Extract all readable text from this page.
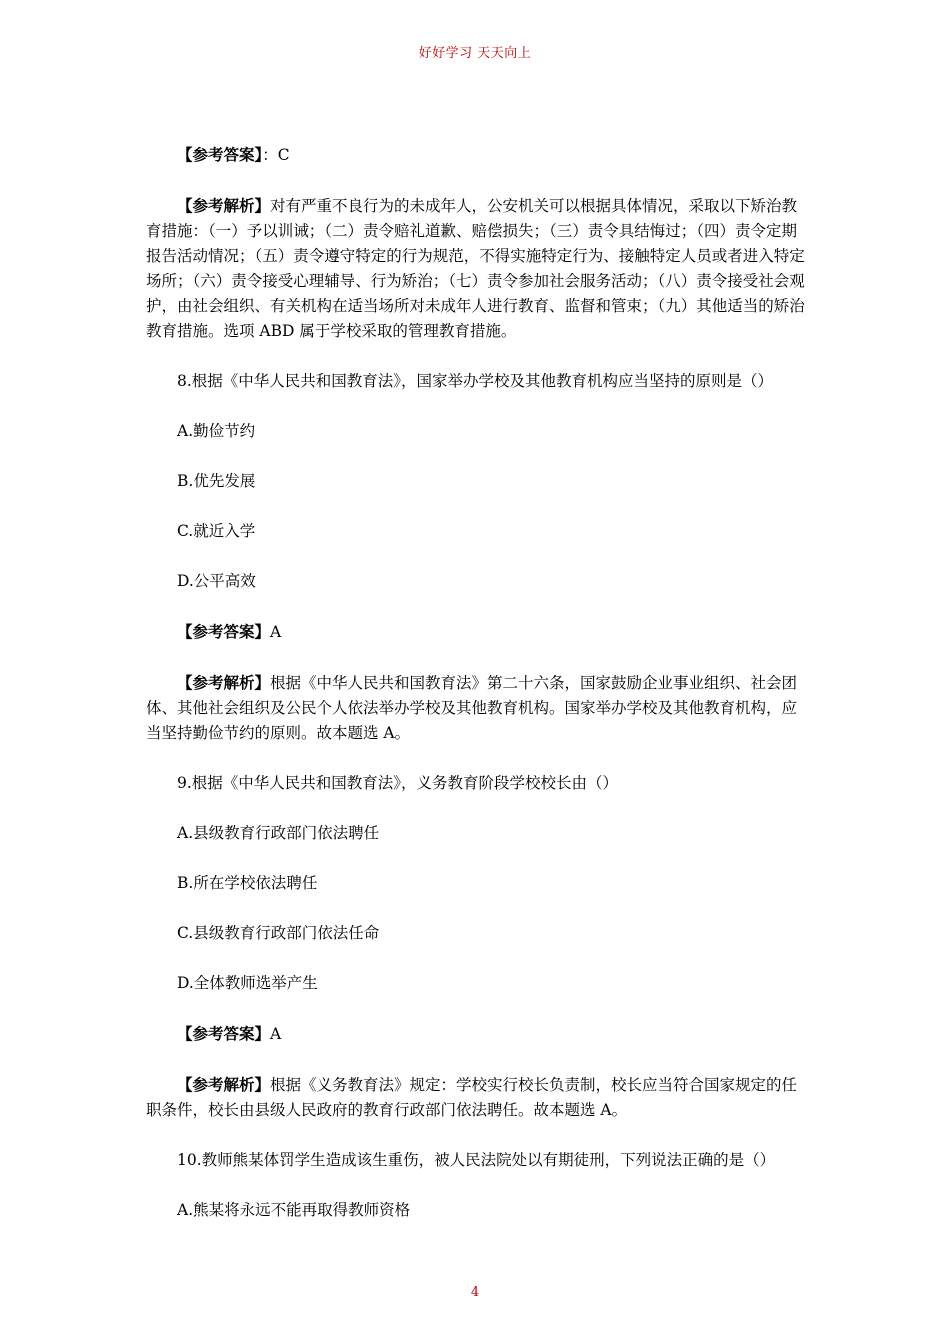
好好学习 天天向上

【参考答案】：C

【参考解析】对有严重不良行为的未成年人，公安机关可以根据具体情况，采取以下矫治教育措施：（一）予以训诫；（二）责令赔礼道歉、赔偿损失；（三）责令具结悔过；（四）责令定期报告活动情况；（五）责令遵守特定的行为规范，不得实施特定行为、接触特定人员或者进入特定场所；（六）责令接受心理辅导、行为矫治；（七）责令参加社会服务活动；（八）责令接受社会观护，由社会组织、有关机构在适当场所对未成年人进行教育、监督和管束；（九）其他适当的矫治教育措施。选项 ABD 属于学校采取的管理教育措施。

8.根据《中华人民共和国教育法》，国家举办学校及其他教育机构应当坚持的原则是（）

A.勤俭节约

B.优先发展

C.就近入学

D.公平高效

【参考答案】A

【参考解析】根据《中华人民共和国教育法》第二十六条，国家鼓励企业事业组织、社会团体、其他社会组织及公民个人依法举办学校及其他教育机构。国家举办学校及其他教育机构，应当坚持勤俭节约的原则。故本题选 A。

9.根据《中华人民共和国教育法》，义务教育阶段学校校长由（）

A.县级教育行政部门依法聘任

B.所在学校依法聘任

C.县级教育行政部门依法任命

D.全体教师选举产生

【参考答案】A

【参考解析】根据《义务教育法》规定：学校实行校长负责制，校长应当符合国家规定的任职条件，校长由县级人民政府的教育行政部门依法聘任。故本题选 A。

10.教师熊某体罚学生造成该生重伤，被人民法院处以有期徒刑，下列说法正确的是（）

A.熊某将永远不能再取得教师资格

4
